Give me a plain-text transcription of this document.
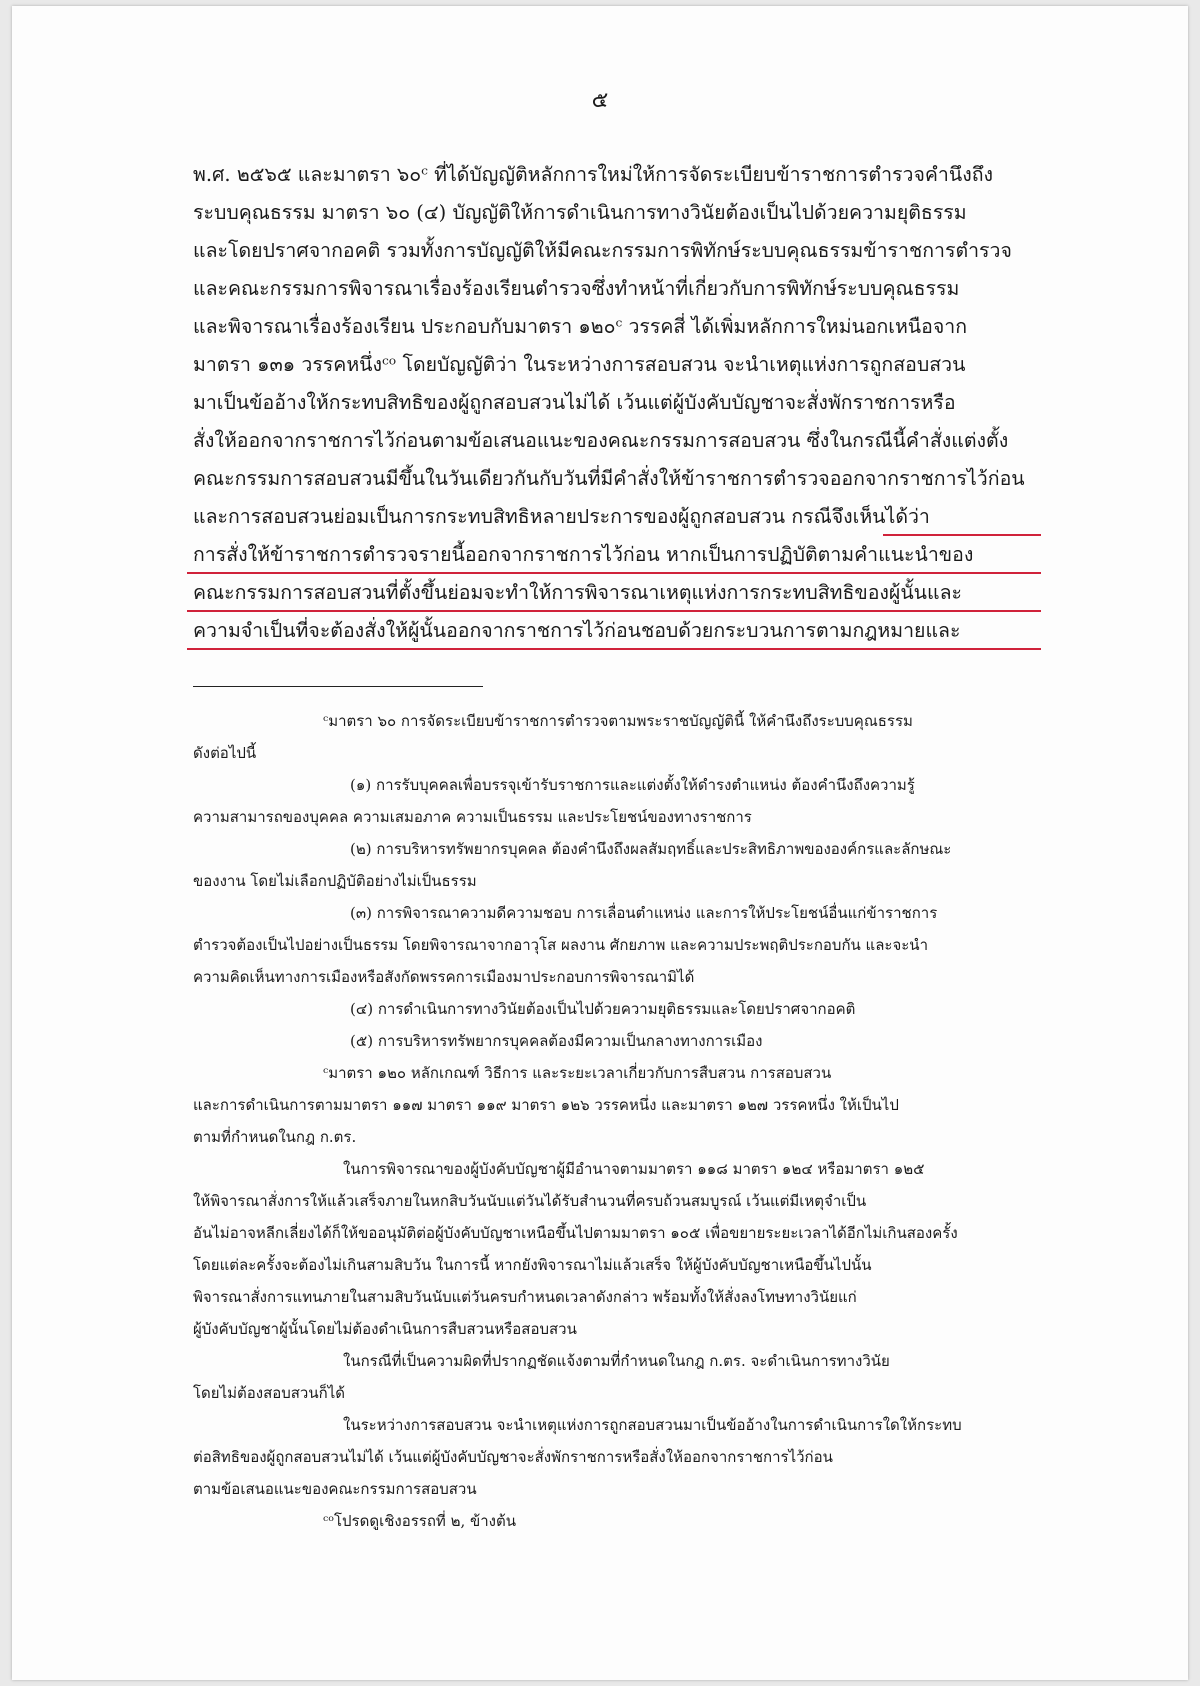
๕
พ.ศ. ๒๕๖๕ และมาตรา ๖๐ᶜ ที่ได้บัญญัติหลักการใหม่ให้การจัดระเบียบข้าราชการตำรวจคำนึงถึง
ระบบคุณธรรม มาตรา ๖๐ (๔) บัญญัติให้การดำเนินการทางวินัยต้องเป็นไปด้วยความยุติธรรม
และโดยปราศจากอคติ รวมทั้งการบัญญัติให้มีคณะกรรมการพิทักษ์ระบบคุณธรรมข้าราชการตำรวจ
และคณะกรรมการพิจารณาเรื่องร้องเรียนตำรวจซึ่งทำหน้าที่เกี่ยวกับการพิทักษ์ระบบคุณธรรม
และพิจารณาเรื่องร้องเรียน ประกอบกับมาตรา ๑๒๐ᶜ วรรคสี่ ได้เพิ่มหลักการใหม่นอกเหนือจาก
มาตรา ๑๓๑ วรรคหนึ่งᶜᵒ โดยบัญญัติว่า ในระหว่างการสอบสวน จะนำเหตุแห่งการถูกสอบสวน
มาเป็นข้ออ้างให้กระทบสิทธิของผู้ถูกสอบสวนไม่ได้ เว้นแต่ผู้บังคับบัญชาจะสั่งพักราชการหรือ
สั่งให้ออกจากราชการไว้ก่อนตามข้อเสนอแนะของคณะกรรมการสอบสวน ซึ่งในกรณีนี้คำสั่งแต่งตั้ง
คณะกรรมการสอบสวนมีขึ้นในวันเดียวกันกับวันที่มีคำสั่งให้ข้าราชการตำรวจออกจากราชการไว้ก่อน
และการสอบสวนย่อมเป็นการกระทบสิทธิหลายประการของผู้ถูกสอบสวน กรณีจึงเห็นได้ว่า
การสั่งให้ข้าราชการตำรวจรายนี้ออกจากราชการไว้ก่อน หากเป็นการปฏิบัติตามคำแนะนำของ
คณะกรรมการสอบสวนที่ตั้งขึ้นย่อมจะทำให้การพิจารณาเหตุแห่งการกระทบสิทธิของผู้นั้นและ
ความจำเป็นที่จะต้องสั่งให้ผู้นั้นออกจากราชการไว้ก่อนชอบด้วยกระบวนการตามกฎหมายและ
ᶜมาตรา ๖๐ การจัดระเบียบข้าราชการตำรวจตามพระราชบัญญัตินี้ ให้คำนึงถึงระบบคุณธรรม
ดังต่อไปนี้
(๑) การรับบุคคลเพื่อบรรจุเข้ารับราชการและแต่งตั้งให้ดำรงตำแหน่ง ต้องคำนึงถึงความรู้
ความสามารถของบุคคล ความเสมอภาค ความเป็นธรรม และประโยชน์ของทางราชการ
(๒) การบริหารทรัพยากรบุคคล ต้องคำนึงถึงผลสัมฤทธิ์และประสิทธิภาพขององค์กรและลักษณะ
ของงาน โดยไม่เลือกปฏิบัติอย่างไม่เป็นธรรม
(๓) การพิจารณาความดีความชอบ การเลื่อนตำแหน่ง และการให้ประโยชน์อื่นแก่ข้าราชการ
ตำรวจต้องเป็นไปอย่างเป็นธรรม โดยพิจารณาจากอาวุโส ผลงาน ศักยภาพ และความประพฤติประกอบกัน และจะนำ
ความคิดเห็นทางการเมืองหรือสังกัดพรรคการเมืองมาประกอบการพิจารณามิได้
(๔) การดำเนินการทางวินัยต้องเป็นไปด้วยความยุติธรรมและโดยปราศจากอคติ
(๕) การบริหารทรัพยากรบุคคลต้องมีความเป็นกลางทางการเมือง
ᶜมาตรา ๑๒๐ หลักเกณฑ์ วิธีการ และระยะเวลาเกี่ยวกับการสืบสวน การสอบสวน
และการดำเนินการตามมาตรา ๑๑๗ มาตรา ๑๑๙ มาตรา ๑๒๖ วรรคหนึ่ง และมาตรา ๑๒๗ วรรคหนึ่ง ให้เป็นไป
ตามที่กำหนดในกฎ ก.ตร.
ในการพิจารณาของผู้บังคับบัญชาผู้มีอำนาจตามมาตรา ๑๑๘ มาตรา ๑๒๔ หรือมาตรา ๑๒๕
ให้พิจารณาสั่งการให้แล้วเสร็จภายในหกสิบวันนับแต่วันได้รับสำนวนที่ครบถ้วนสมบูรณ์ เว้นแต่มีเหตุจำเป็น
อันไม่อาจหลีกเลี่ยงได้ก็ให้ขออนุมัติต่อผู้บังคับบัญชาเหนือขึ้นไปตามมาตรา ๑๐๕ เพื่อขยายระยะเวลาได้อีกไม่เกินสองครั้ง
โดยแต่ละครั้งจะต้องไม่เกินสามสิบวัน ในการนี้ หากยังพิจารณาไม่แล้วเสร็จ ให้ผู้บังคับบัญชาเหนือขึ้นไปนั้น
พิจารณาสั่งการแทนภายในสามสิบวันนับแต่วันครบกำหนดเวลาดังกล่าว พร้อมทั้งให้สั่งลงโทษทางวินัยแก่
ผู้บังคับบัญชาผู้นั้นโดยไม่ต้องดำเนินการสืบสวนหรือสอบสวน
ในกรณีที่เป็นความผิดที่ปรากฏชัดแจ้งตามที่กำหนดในกฎ ก.ตร. จะดำเนินการทางวินัย
โดยไม่ต้องสอบสวนก็ได้
ในระหว่างการสอบสวน จะนำเหตุแห่งการถูกสอบสวนมาเป็นข้ออ้างในการดำเนินการใดให้กระทบ
ต่อสิทธิของผู้ถูกสอบสวนไม่ได้ เว้นแต่ผู้บังคับบัญชาจะสั่งพักราชการหรือสั่งให้ออกจากราชการไว้ก่อน
ตามข้อเสนอแนะของคณะกรรมการสอบสวน
ᶜᵒโปรดดูเชิงอรรถที่ ๒, ข้างต้น
